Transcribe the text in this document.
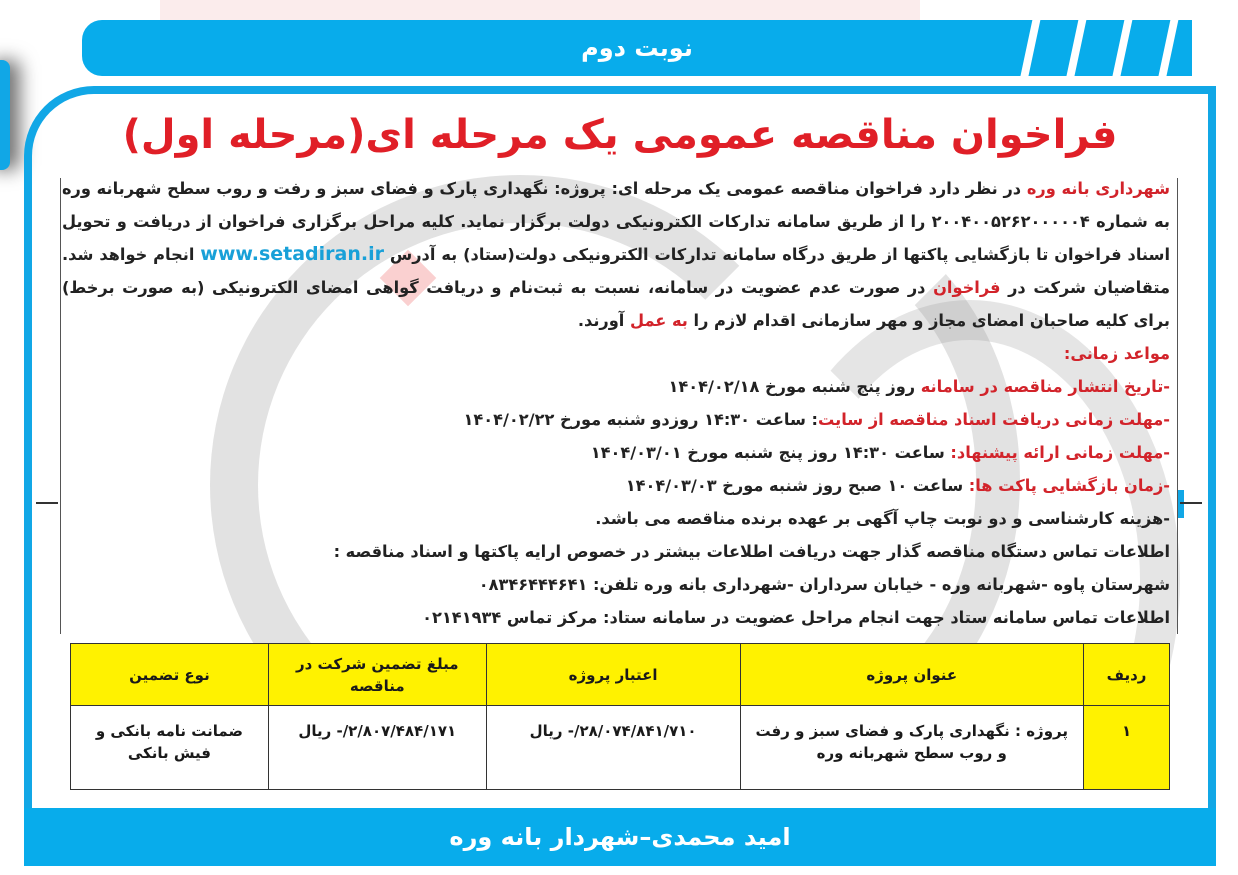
نوبت دوم
فراخوان مناقصه عمومی یک مرحله ای(مرحله اول)

شهرداری بانه وره در نظر دارد فراخوان مناقصه عمومی یک مرحله ای: پروژه: نگهداری پارک و فضای سبز و رفت و روب سطح شهربانه وره به شماره ۲۰۰۴۰۰۵۲۶۲۰۰۰۰۰۴ را از طریق سامانه تدارکات الکترونیکی دولت برگزار نماید. کلیه مراحل برگزاری فراخوان از دریافت و تحویل اسناد فراخوان تا بازگشایی پاکتها از طریق درگاه سامانه تدارکات الکترونیکی دولت(ستاد) به آدرس www.setadiran.ir انجام خواهد شد. متقاضیان شرکت در فراخوان در صورت عدم عضویت در سامانه، نسبت به ثبت‌نام و دریافت گواهی امضای الکترونیکی (به صورت برخط) برای کلیه صاحبان امضای مجاز و مهر سازمانی اقدام لازم را به عمل آورند.

مواعد زمانی:

-تاریخ انتشار مناقصه در سامانه روز پنج شنبه مورخ ۱۴۰۴/۰۲/۱۸

-مهلت زمانی دریافت اسناد مناقصه از سایت: ساعت ۱۴:۳۰ روزدو شنبه مورخ ۱۴۰۴/۰۲/۲۲

-مهلت زمانی ارائه پیشنهاد: ساعت ۱۴:۳۰ روز پنج شنبه مورخ ۱۴۰۴/۰۳/۰۱

-زمان بازگشایی پاکت ها: ساعت ۱۰ صبح روز شنبه مورخ ۱۴۰۴/۰۳/۰۳

-هزینه کارشناسی و دو نوبت چاپ آگهی بر عهده برنده مناقصه می باشد.

اطلاعات تماس دستگاه مناقصه گذار جهت دریافت اطلاعات بیشتر در خصوص ارایه پاکتها و اسناد مناقصه :

شهرستان پاوه -شهربانه وره - خیابان سرداران -شهرداری بانه وره تلفن: ۰۸۳۴۶۴۴۴۶۴۱

اطلاعات تماس سامانه ستاد جهت انجام مراحل عضویت در سامانه ستاد: مرکز تماس ۰۲۱۴۱۹۳۴

ردیف	عنوان پروژه	اعتبار پروژه	مبلغ تضمین شرکت در مناقصه	نوع تضمین
۱	پروژه : نگهداری پارک و فضای سبز و رفت و روب سطح شهربانه وره	۲۸/۰۷۴/۸۴۱/۷۱۰/- ریال	۲/۸۰۷/۴۸۴/۱۷۱/- ریال	ضمانت نامه بانکی و فیش بانکی
امید محمدی–شهردار بانه وره
